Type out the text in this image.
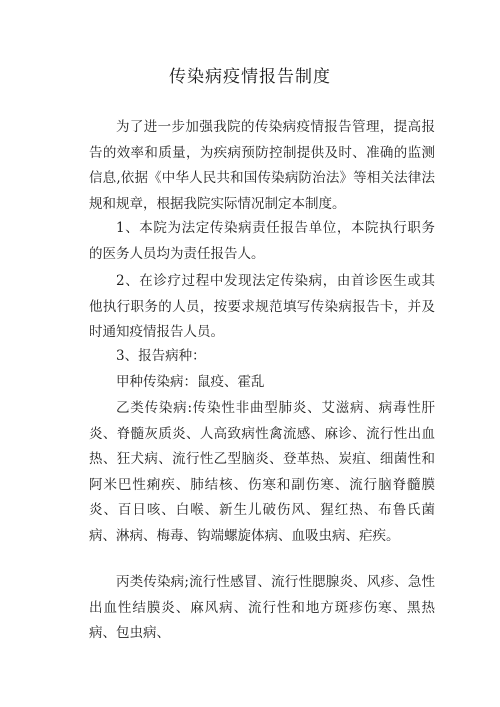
传染病疫情报告制度

为了进一步加强我院的传染病疫情报告管理，提高报告的效率和质量，为疾病预防控制提供及时、准确的监测信息,依据《中华人民共和国传染病防治法》等相关法律法规和规章，根据我院实际情况制定本制度。

1、本院为法定传染病责任报告单位，本院执行职务的医务人员均为责任报告人。

2、在诊疗过程中发现法定传染病，由首诊医生或其他执行职务的人员，按要求规范填写传染病报告卡，并及时通知疫情报告人员。

3、报告病种：

甲种传染病：鼠疫、霍乱

乙类传染病:传染性非曲型肺炎、艾滋病、病毒性肝炎、脊髓灰质炎、人高致病性禽流感、麻诊、流行性出血热、狂犬病、流行性乙型脑炎、登革热、炭疽、细菌性和阿米巴性痢疾、肺结核、伤寒和副伤寒、流行脑脊髓膜炎、百日咳、白喉、新生儿破伤风、猩红热、布鲁氏菌病、淋病、梅毒、钩端螺旋体病、血吸虫病、疟疾。

丙类传染病;流行性感冒、流行性腮腺炎、风疹、急性出血性结膜炎、麻风病、流行性和地方斑疹伤寒、黑热病、包虫病、
